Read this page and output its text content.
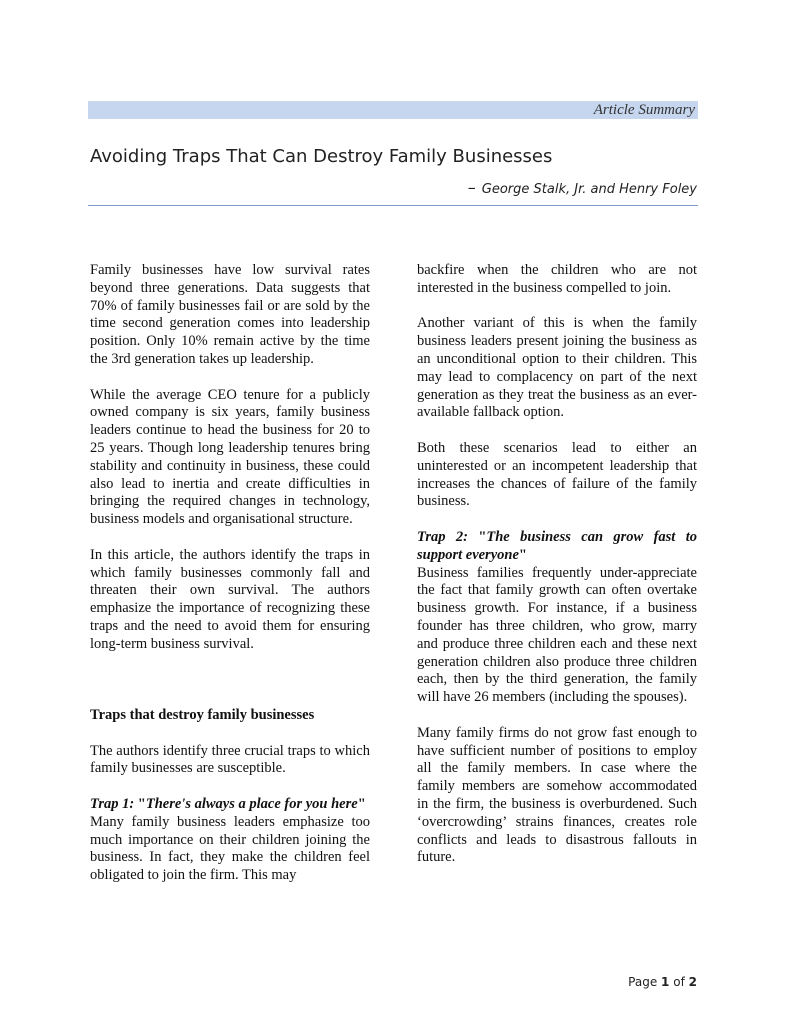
Article Summary
Avoiding Traps That Can Destroy Family Businesses
– George Stalk, Jr. and Henry Foley

Family businesses have low survival rates beyond three generations. Data suggests that 70% of family businesses fail or are sold by the time second generation comes into leadership position. Only 10% remain active by the time the 3rd generation takes up leadership.

While the average CEO tenure for a publicly owned company is six years, family business leaders continue to head the business for 20 to 25 years. Though long leadership tenures bring stability and continuity in business, these could also lead to inertia and create difficulties in bringing the required changes in technology, business models and organisational structure.

In this article, the authors identify the traps in which family businesses commonly fall and threaten their own survival. The authors emphasize the importance of recognizing these traps and the need to avoid them for ensuring long-term business survival.

Traps that destroy family businesses

The authors identify three crucial traps to which family businesses are susceptible.

Trap 1: "There's always a place for you here"

Many family business leaders emphasize too much importance on their children joining the business. In fact, they make the children feel obligated to join the firm. This may

backfire when the children who are not interested in the business compelled to join.

Another variant of this is when the family business leaders present joining the business as an unconditional option to their children. This may lead to complacency on part of the next generation as they treat the business as an ever-available fallback option.

Both these scenarios lead to either an uninterested or an incompetent leadership that increases the chances of failure of the family business.

Trap 2: "The business can grow fast to support everyone"

Business families frequently under-appreciate the fact that family growth can often overtake business growth. For instance, if a business founder has three children, who grow, marry and produce three children each and these next generation children also produce three children each, then by the third generation, the family will have 26 members (including the spouses).

Many family firms do not grow fast enough to have sufficient number of positions to employ all the family members. In case where the family members are somehow accommodated in the firm, the business is overburdened. Such ‘overcrowding’ strains finances, creates role conflicts and leads to disastrous fallouts in future.

Page 1 of 2
